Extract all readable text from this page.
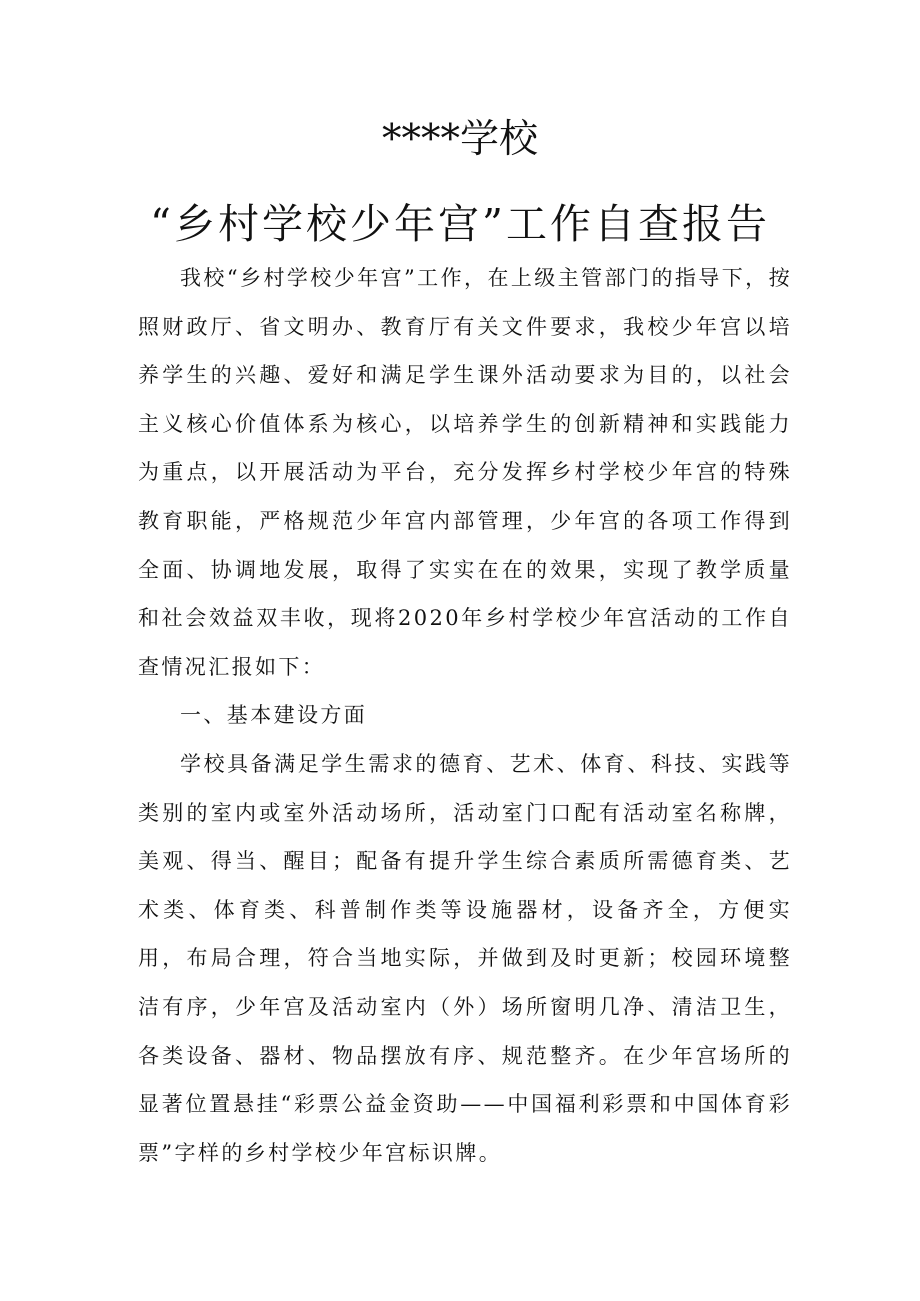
****学校
“乡村学校少年宫”工作自查报告

我校“乡村学校少年宫”工作，在上级主管部门的指导下，按照财政厅、省文明办、教育厅有关文件要求，我校少年宫以培养学生的兴趣、爱好和满足学生课外活动要求为目的，以社会主义核心价值体系为核心，以培养学生的创新精神和实践能力为重点，以开展活动为平台，充分发挥乡村学校少年宫的特殊教育职能，严格规范少年宫内部管理，少年宫的各项工作得到全面、协调地发展，取得了实实在在的效果，实现了教学质量和社会效益双丰收，现将2020年乡村学校少年宫活动的工作自查情况汇报如下：

一、基本建设方面

学校具备满足学生需求的德育、艺术、体育、科技、实践等类别的室内或室外活动场所，活动室门口配有活动室名称牌，美观、得当、醒目；配备有提升学生综合素质所需德育类、艺术类、体育类、科普制作类等设施器材，设备齐全，方便实用，布局合理，符合当地实际，并做到及时更新；校园环境整洁有序，少年宫及活动室内（外）场所窗明几净、清洁卫生，各类设备、器材、物品摆放有序、规范整齐。在少年宫场所的显著位置悬挂“彩票公益金资助——中国福利彩票和中国体育彩票”字样的乡村学校少年宫标识牌。
